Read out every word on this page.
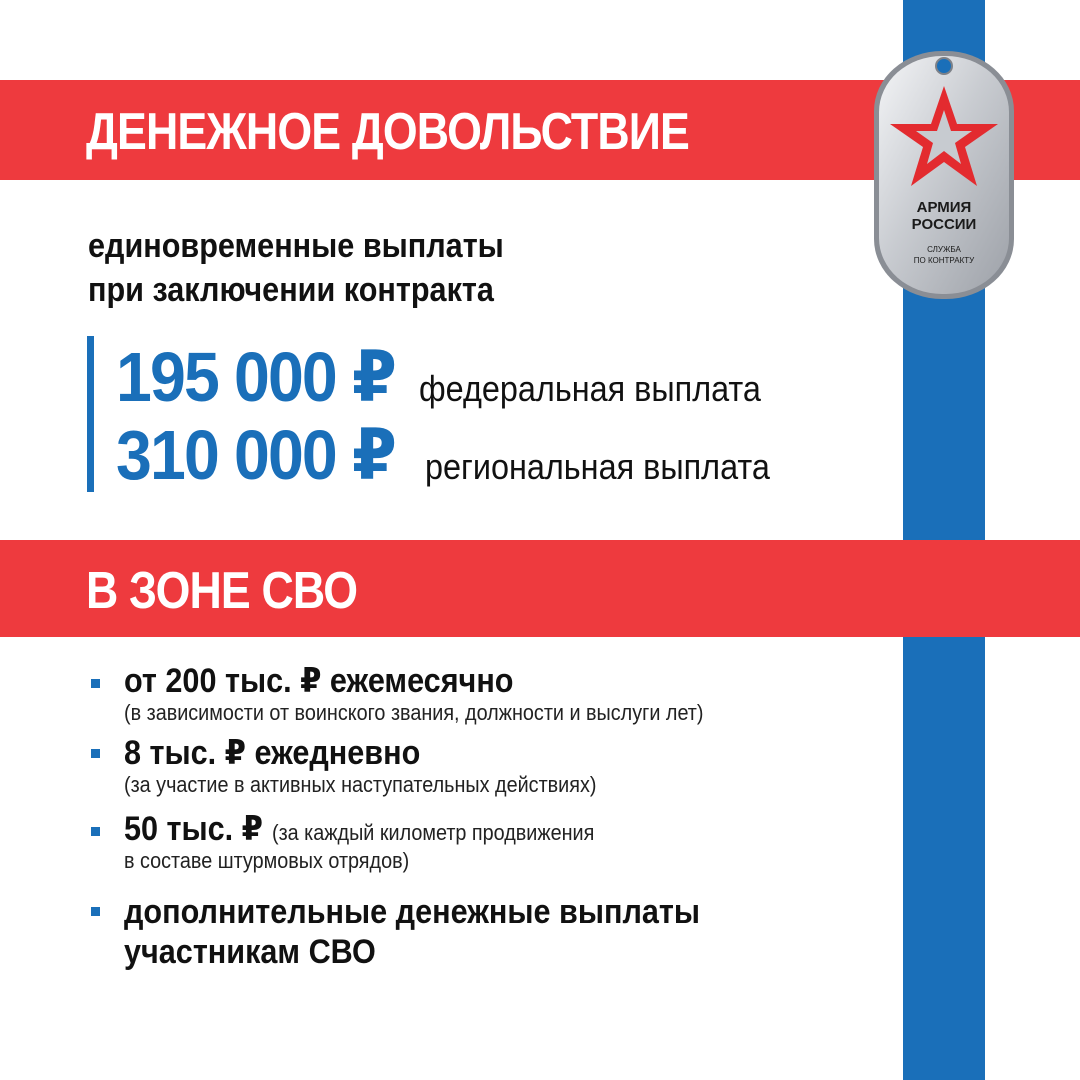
ДЕНЕЖНОЕ ДОВОЛЬСТВИЕ
АРМИЯ
РОССИИ
СЛУЖБА
ПО КОНТРАКТУ
единовременные выплаты
при заключении контракта
195 000 ₽ федеральная выплата
310 000 ₽ региональная выплата
В ЗОНЕ СВО
от 200 тыс. ₽ ежемесячно
(в зависимости от воинского звания, должности и выслуги лет)
8 тыс. ₽ ежедневно
(за участие в активных наступательных действиях)
50 тыс. ₽ (за каждый километр продвижения
в составе штурмовых отрядов)
дополнительные денежные выплаты
участникам СВО
